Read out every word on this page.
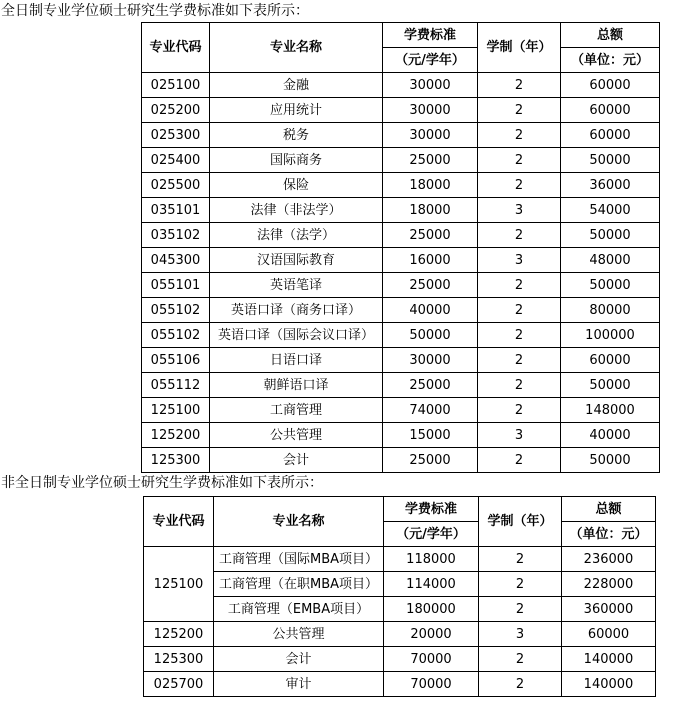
全日制专业学位硕士研究生学费标准如下表所示：
专业代码	专业名称	学费标准	学制（年）	总额
		（元/学年）		（单位：元）
025100	金融	30000	2	60000
025200	应用统计	30000	2	60000
025300	税务	30000	2	60000
025400	国际商务	25000	2	50000
025500	保险	18000	2	36000
035101	法律（非法学）	18000	3	54000
035102	法律（法学）	25000	2	50000
045300	汉语国际教育	16000	3	48000
055101	英语笔译	25000	2	50000
055102	英语口译（商务口译）	40000	2	80000
055102	英语口译（国际会议口译）	50000	2	100000
055106	日语口译	30000	2	60000
055112	朝鲜语口译	25000	2	50000
125100	工商管理	74000	2	148000
125200	公共管理	15000	3	40000
125300	会计	25000	2	50000
非全日制专业学位硕士研究生学费标准如下表所示：
专业代码	专业名称	学费标准	学制（年）	总额
		（元/学年）		（单位：元）
125100	工商管理（国际MBA项目）	118000	2	236000
	工商管理（在职MBA项目）	114000	2	228000
	工商管理（EMBA项目）	180000	2	360000
125200	公共管理	20000	3	60000
125300	会计	70000	2	140000
025700	审计	70000	2	140000
